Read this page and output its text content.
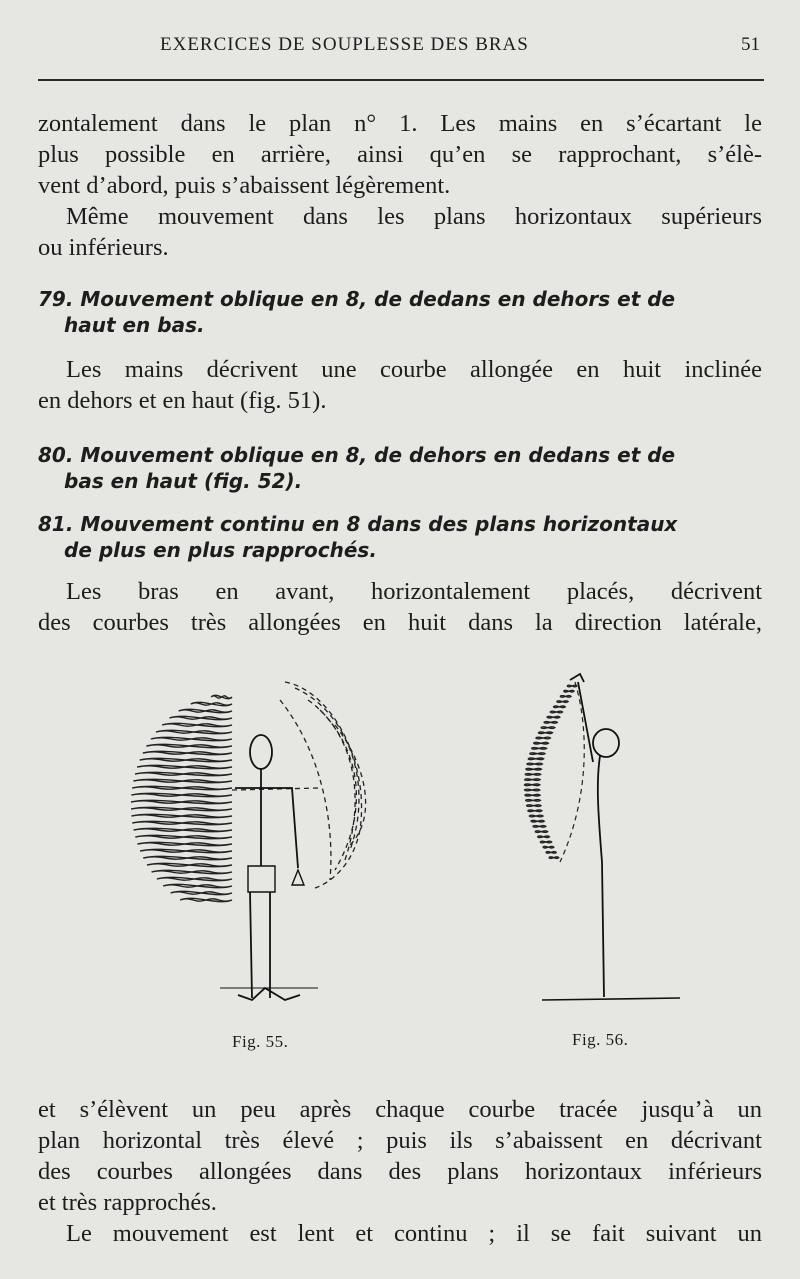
EXERCICES DE SOUPLESSE DES BRAS	51
zontalement dans le plan n° 1. Les mains en s’écartant le
plus possible en arrière, ainsi qu’en se rapprochant, s’élè-
vent d’abord, puis s’abaissent légèrement.
Même mouvement dans les plans horizontaux supérieurs
ou inférieurs.
79. Mouvement oblique en 8, de dedans en dehors et de
haut en bas.
Les mains décrivent une courbe allongée en huit inclinée
en dehors et en haut (fig. 51).
80. Mouvement oblique en 8, de dehors en dedans et de
bas en haut (fig. 52).
81. Mouvement continu en 8 dans des plans horizontaux
de plus en plus rapprochés.
Les bras en avant, horizontalement placés, décrivent
des courbes très allongées en huit dans la direction latérale,
Fig. 55.	Fig. 56.
et s’élèvent un peu après chaque courbe tracée jusqu’à un
plan horizontal très élevé ; puis ils s’abaissent en décrivant
des courbes allongées dans des plans horizontaux inférieurs
et très rapprochés.
Le mouvement est lent et continu ; il se fait suivant un
